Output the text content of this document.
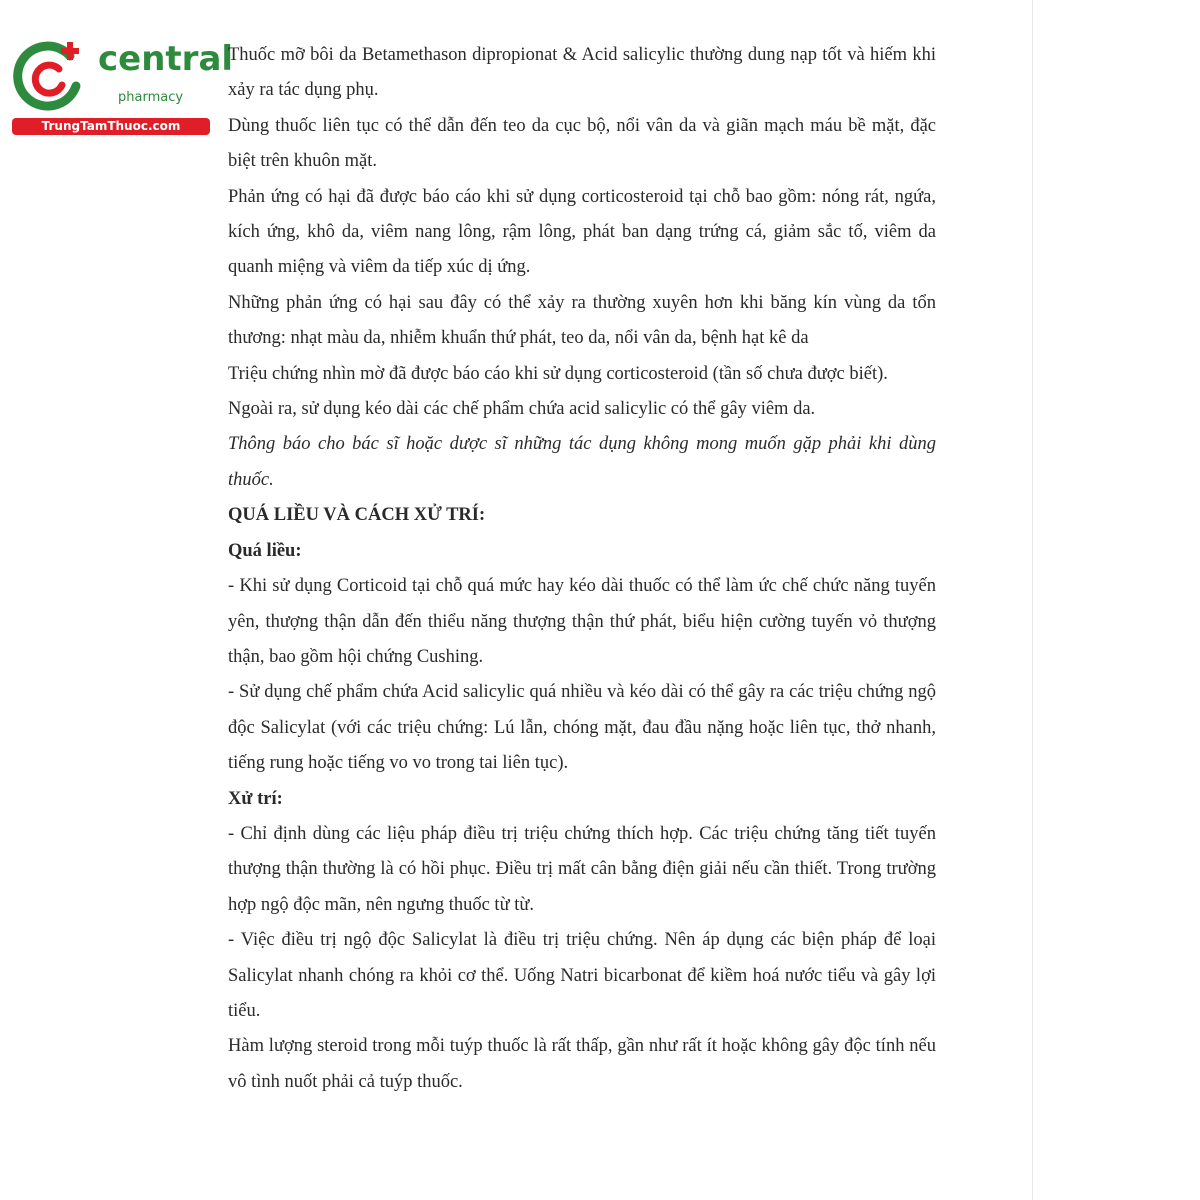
central
pharmacy
TrungTamThuoc.com

Thuốc mỡ bôi da Betamethason dipropionat & Acid salicylic thường dung nạp tốt và hiếm khi xảy ra tác dụng phụ.

Dùng thuốc liên tục có thể dẫn đến teo da cục bộ, nổi vân da và giãn mạch máu bề mặt, đặc biệt trên khuôn mặt.

Phản ứng có hại đã được báo cáo khi sử dụng corticosteroid tại chỗ bao gồm: nóng rát, ngứa, kích ứng, khô da, viêm nang lông, rậm lông, phát ban dạng trứng cá, giảm sắc tố, viêm da quanh miệng và viêm da tiếp xúc dị ứng.

Những phản ứng có hại sau đây có thể xảy ra thường xuyên hơn khi băng kín vùng da tổn thương: nhạt màu da, nhiễm khuẩn thứ phát, teo da, nổi vân da, bệnh hạt kê da

Triệu chứng nhìn mờ đã được báo cáo khi sử dụng corticosteroid (tần số chưa được biết).

Ngoài ra, sử dụng kéo dài các chế phẩm chứa acid salicylic có thể gây viêm da.

Thông báo cho bác sĩ hoặc dược sĩ những tác dụng không mong muốn gặp phải khi dùng thuốc.

QUÁ LIỀU VÀ CÁCH XỬ TRÍ:

Quá liều:

- Khi sử dụng Corticoid tại chỗ quá mức hay kéo dài thuốc có thể làm ức chế chức năng tuyến yên, thượng thận dẫn đến thiểu năng thượng thận thứ phát, biểu hiện cường tuyến vỏ thượng thận, bao gồm hội chứng Cushing.

- Sử dụng chế phẩm chứa Acid salicylic quá nhiều và kéo dài có thể gây ra các triệu chứng ngộ độc Salicylat (với các triệu chứng: Lú lẫn, chóng mặt, đau đầu nặng hoặc liên tục, thở nhanh, tiếng rung hoặc tiếng vo vo trong tai liên tục).

Xử trí:

- Chỉ định dùng các liệu pháp điều trị triệu chứng thích hợp. Các triệu chứng tăng tiết tuyến thượng thận thường là có hồi phục. Điều trị mất cân bằng điện giải nếu cần thiết. Trong trường hợp ngộ độc mãn, nên ngưng thuốc từ từ.

- Việc điều trị ngộ độc Salicylat là điều trị triệu chứng. Nên áp dụng các biện pháp để loại Salicylat nhanh chóng ra khỏi cơ thể. Uống Natri bicarbonat để kiềm hoá nước tiểu và gây lợi tiểu.

Hàm lượng steroid trong mỗi tuýp thuốc là rất thấp, gần như rất ít hoặc không gây độc tính nếu vô tình nuốt phải cả tuýp thuốc.
